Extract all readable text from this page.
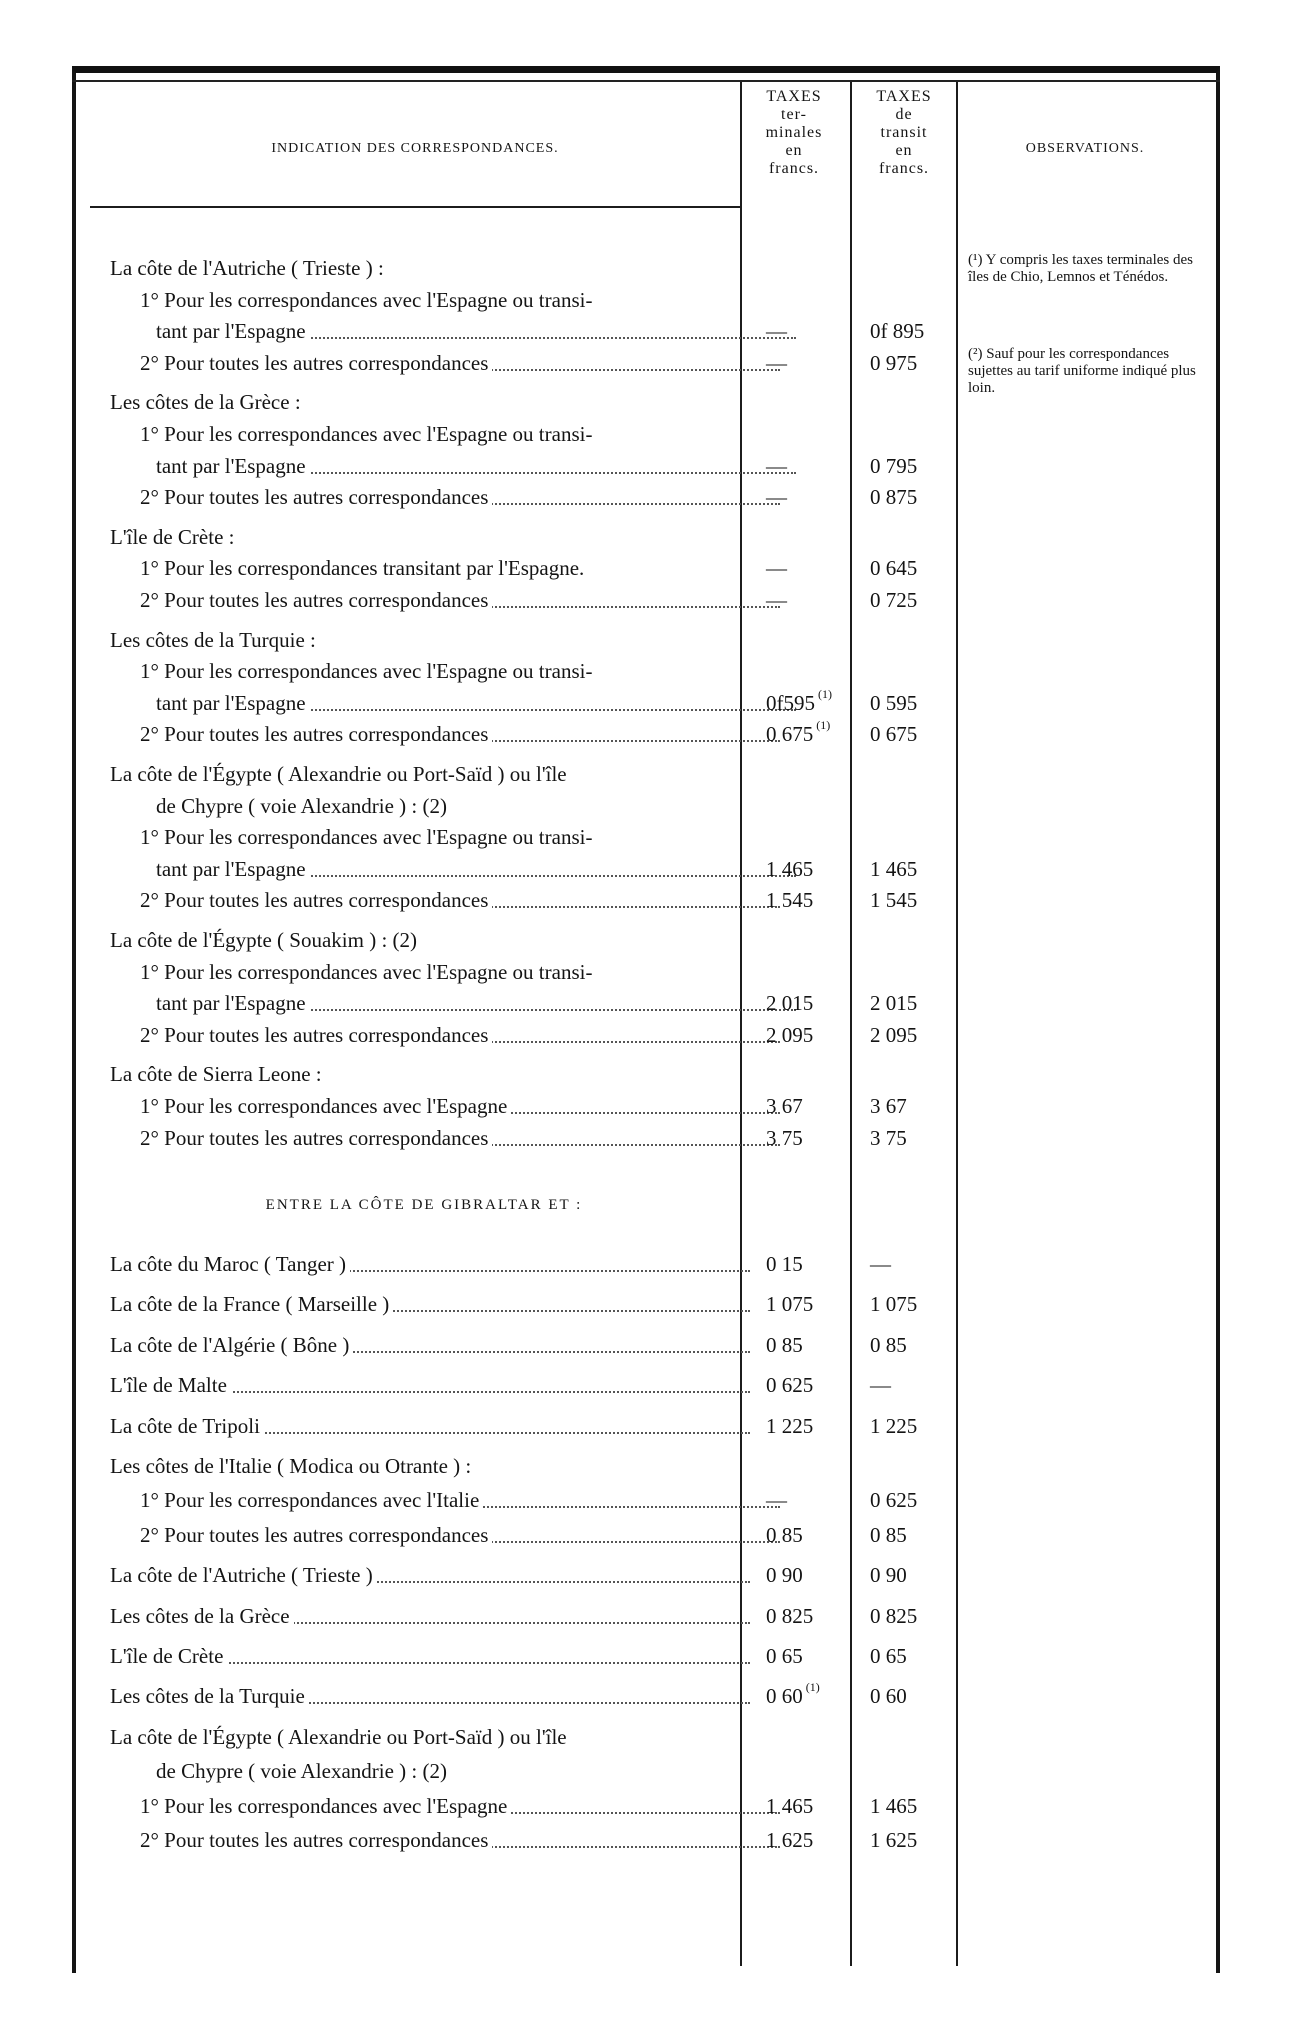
INDICATION DES CORRESPONDANCES.
TAXES
ter-
minales
en
francs.
TAXES
de
transit
en
francs.
OBSERVATIONS.
(¹) Y compris les taxes terminales des îles de Chio, Lemnos et Ténédos.
(²) Sauf pour les correspondances sujettes au tarif uniforme indiqué plus loin.
ENTRE LA CÔTE DE GIBRALTAR ET :
La côte de l'Autriche ( Trieste ) :
1° Pour les correspondances avec l'Espagne ou transi-
tant par l'Espagne	—	0f 895
2° Pour toutes les autres correspondances	—	0 975
Les côtes de la Grèce :
1° Pour les correspondances avec l'Espagne ou transi-
tant par l'Espagne	—	0 795
2° Pour toutes les autres correspondances	—	0 875
L'île de Crète :
1° Pour les correspondances transitant par l'Espagne.	—	0 645
2° Pour toutes les autres correspondances	—	0 725
Les côtes de la Turquie :
1° Pour les correspondances avec l'Espagne ou transi-
tant par l'Espagne	0f595 $^{(1)}$	0 595
2° Pour toutes les autres correspondances	0 675 $^{(1)}$	0 675
La côte de l'Égypte ( Alexandrie ou Port-Saïd ) ou l'île
de Chypre ( voie Alexandrie ) : (2)
1° Pour les correspondances avec l'Espagne ou transi-
tant par l'Espagne	1 465	1 465
2° Pour toutes les autres correspondances	1 545	1 545
La côte de l'Égypte ( Souakim ) : (2)
1° Pour les correspondances avec l'Espagne ou transi-
tant par l'Espagne	2 015	2 015
2° Pour toutes les autres correspondances	2 095	2 095
La côte de Sierra Leone :
1° Pour les correspondances avec l'Espagne	3 67	3 67
2° Pour toutes les autres correspondances	3 75	3 75
La côte du Maroc ( Tanger )	0 15	—
La côte de la France ( Marseille )	1 075	1 075
La côte de l'Algérie ( Bône )	0 85	0 85
L'île de Malte	0 625	—
La côte de Tripoli	1 225	1 225
Les côtes de l'Italie ( Modica ou Otrante ) :
1° Pour les correspondances avec l'Italie	—	0 625
2° Pour toutes les autres correspondances	0 85	0 85
La côte de l'Autriche ( Trieste )	0 90	0 90
Les côtes de la Grèce	0 825	0 825
L'île de Crète	0 65	0 65
Les côtes de la Turquie	0 60 $^{(1)}$	0 60
La côte de l'Égypte ( Alexandrie ou Port-Saïd ) ou l'île
de Chypre ( voie Alexandrie ) : (2)
1° Pour les correspondances avec l'Espagne	1 465	1 465
2° Pour toutes les autres correspondances	1 625	1 625
